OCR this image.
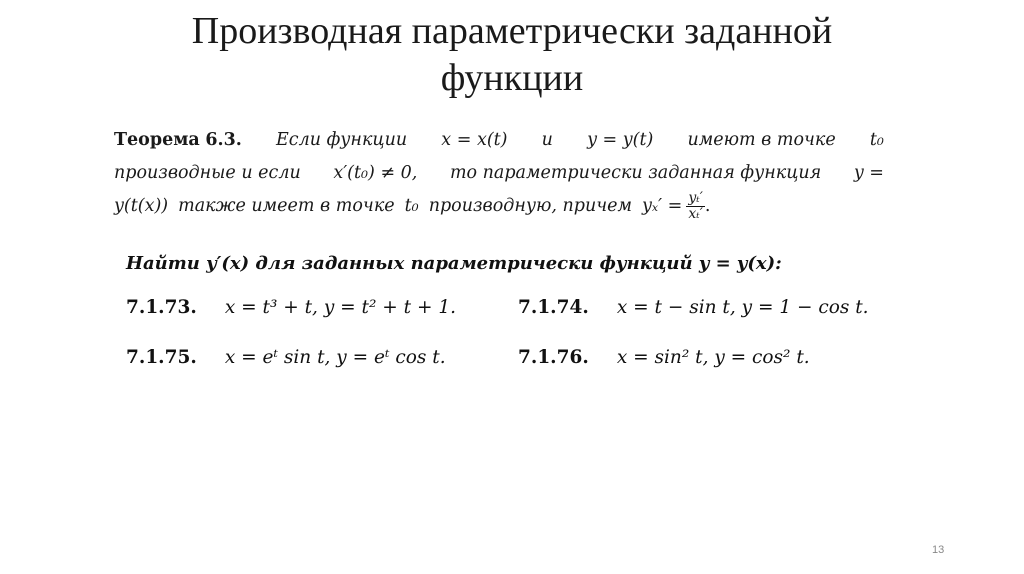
Производная параметрически заданной
функции
Теорема 6.3. Если функции x = x(t) и y = y(t) имеют в точке t₀
производные и если x′(t₀) ≠ 0, то параметрически заданная функция y =
y(t(x)) также имеет в точке t₀ производную, причем $y_x' = \frac{\text{yₜ′}}{\text{xₜ′}}$ .
Найти y′(x) для заданных параметрически функций y = y(x):
7.1.73. x = t³ + t, y = t² + t + 1.	7.1.74. x = t − sin t, y = 1 − cos t.
7.1.75. x = eᵗ sin t, y = eᵗ cos t.	7.1.76. x = sin² t, y = cos² t.
13
